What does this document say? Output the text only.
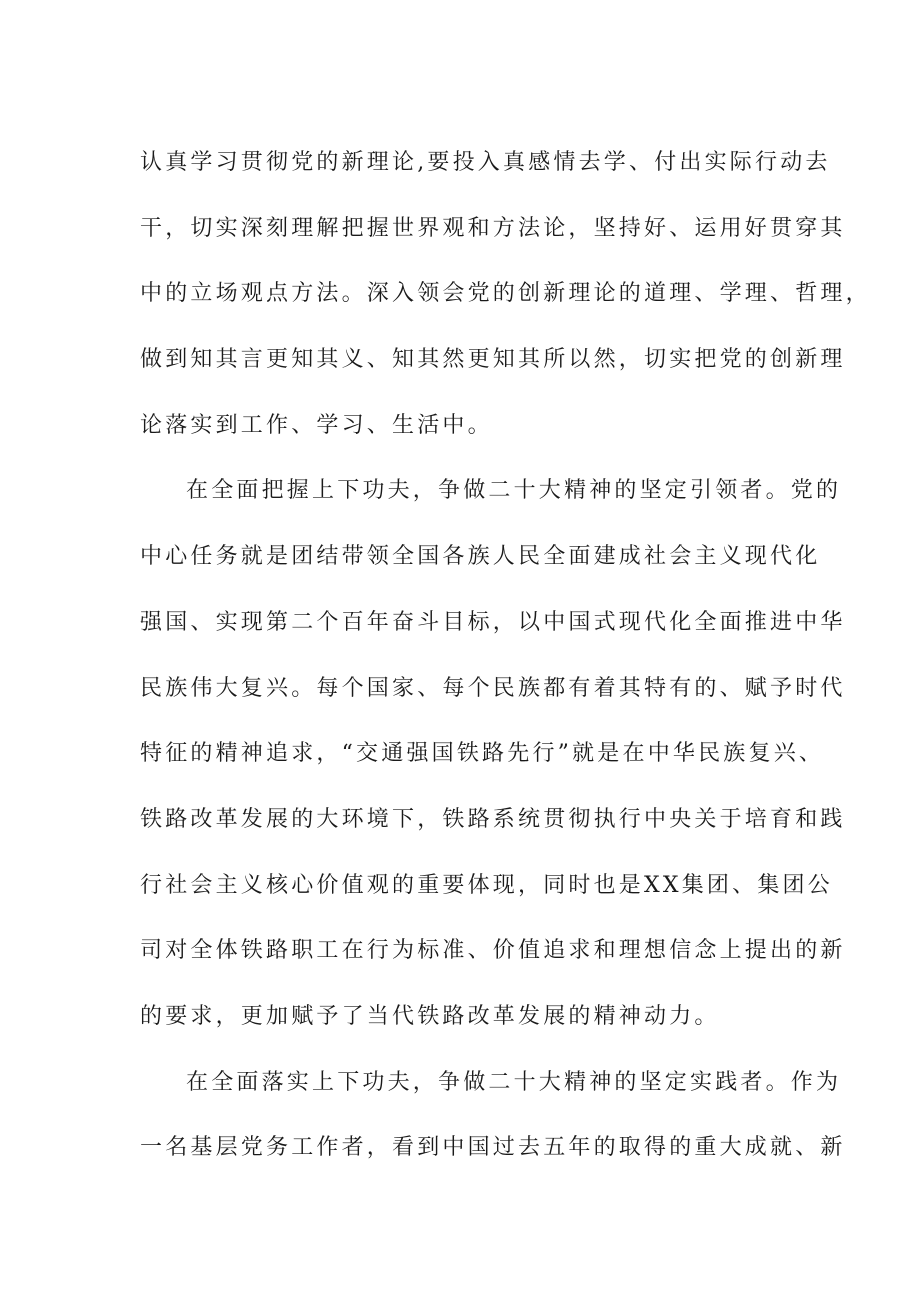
认真学习贯彻党的新理论,要投入真感情去学、付出实际行动去
干，切实深刻理解把握世界观和方法论，坚持好、运用好贯穿其
中的立场观点方法。深入领会党的创新理论的道理、学理、哲理，
做到知其言更知其义、知其然更知其所以然，切实把党的创新理
论落实到工作、学习、生活中。
在全面把握上下功夫，争做二十大精神的坚定引领者。党的
中心任务就是团结带领全国各族人民全面建成社会主义现代化
强国、实现第二个百年奋斗目标，以中国式现代化全面推进中华
民族伟大复兴。每个国家、每个民族都有着其特有的、赋予时代
特征的精神追求，“交通强国铁路先行”就是在中华民族复兴、
铁路改革发展的大环境下，铁路系统贯彻执行中央关于培育和践
行社会主义核心价值观的重要体现，同时也是XX集团、集团公
司对全体铁路职工在行为标准、价值追求和理想信念上提出的新
的要求，更加赋予了当代铁路改革发展的精神动力。
在全面落实上下功夫，争做二十大精神的坚定实践者。作为
一名基层党务工作者，看到中国过去五年的取得的重大成就、新
